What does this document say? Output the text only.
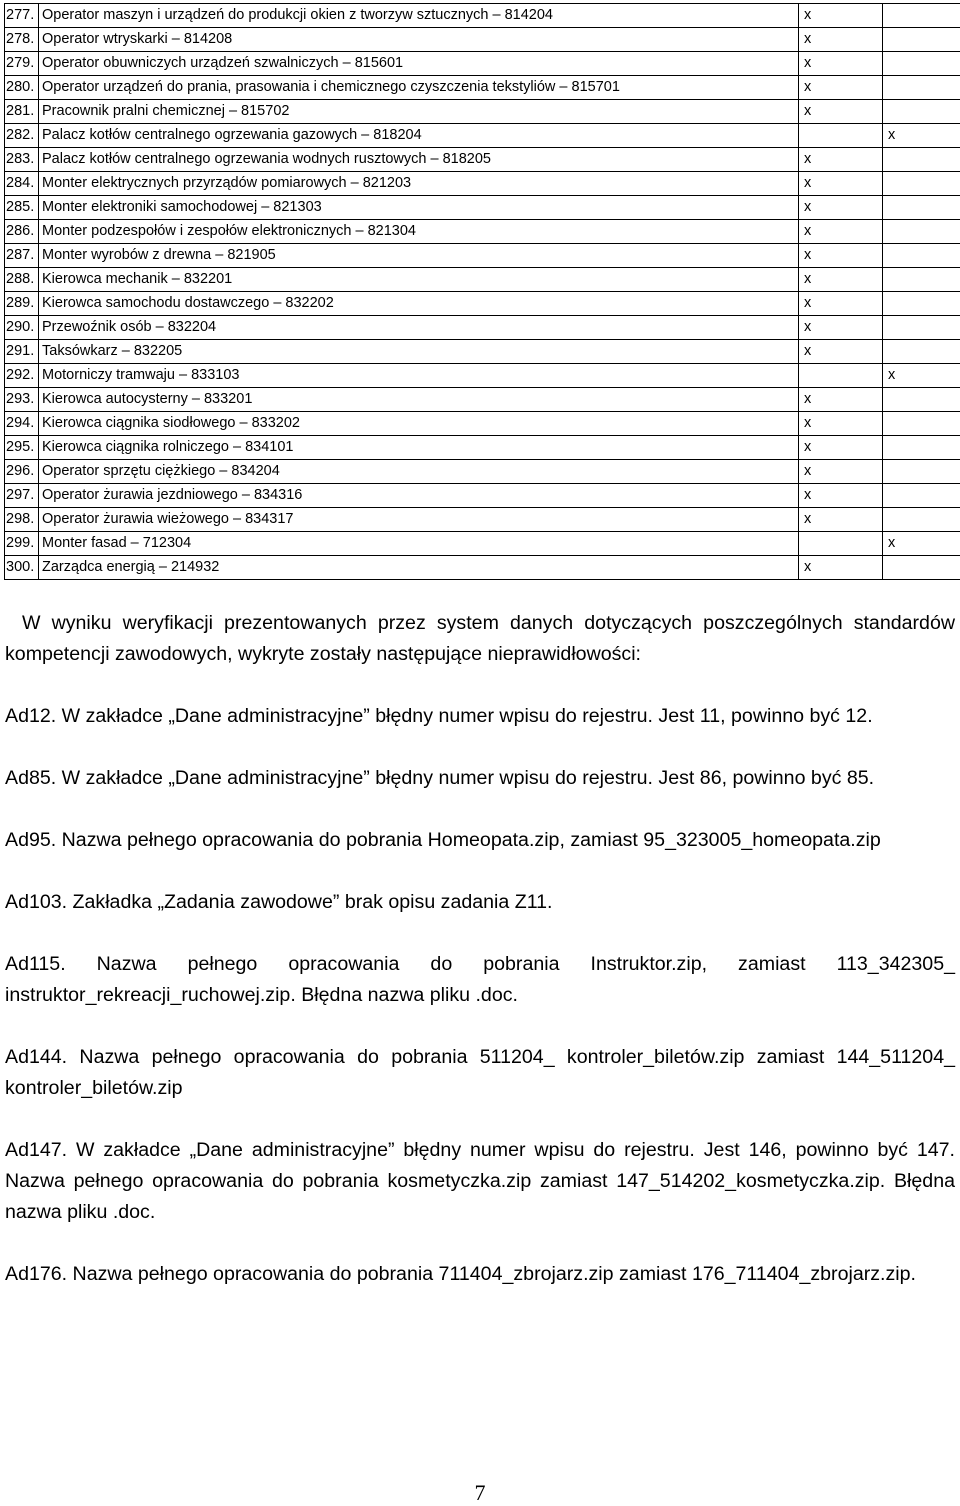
277.	Operator maszyn i urządzeń do produkcji okien z tworzyw sztucznych – 814204	x	
278.	Operator wtryskarki – 814208	x	
279.	Operator obuwniczych urządzeń szwalniczych – 815601	x	
280.	Operator urządzeń do prania, prasowania i chemicznego czyszczenia tekstyliów – 815701	x	
281.	Pracownik pralni chemicznej – 815702	x	
282.	Palacz kotłów centralnego ogrzewania gazowych – 818204		x
283.	Palacz kotłów centralnego ogrzewania wodnych rusztowych – 818205	x	
284.	Monter elektrycznych przyrządów pomiarowych – 821203	x	
285.	Monter elektroniki samochodowej – 821303	x	
286.	Monter podzespołów i zespołów elektronicznych – 821304	x	
287.	Monter wyrobów z drewna – 821905	x	
288.	Kierowca mechanik – 832201	x	
289.	Kierowca samochodu dostawczego – 832202	x	
290.	Przewoźnik osób – 832204	x	
291.	Taksówkarz – 832205	x	
292.	Motorniczy tramwaju – 833103		x
293.	Kierowca autocysterny – 833201	x	
294.	Kierowca ciągnika siodłowego – 833202	x	
295.	Kierowca ciągnika rolniczego – 834101	x	
296.	Operator sprzętu ciężkiego – 834204	x	
297.	Operator żurawia jezdniowego – 834316	x	
298.	Operator żurawia wieżowego – 834317	x	
299.	Monter fasad – 712304		x
300.	Zarządca energią – 214932	x	

W wyniku weryfikacji prezentowanych przez system danych dotyczących poszczególnych standardów kompetencji zawodowych, wykryte zostały następujące nieprawidłowości:

Ad12. W zakładce „Dane administracyjne” błędny numer wpisu do rejestru. Jest 11, powinno być 12.

Ad85. W zakładce „Dane administracyjne” błędny numer wpisu do rejestru. Jest 86, powinno być 85.

Ad95. Nazwa pełnego opracowania do pobrania Homeopata.zip, zamiast 95_323005_homeopata.zip

Ad103. Zakładka „Zadania zawodowe” brak opisu zadania Z11.

Ad115. Nazwa pełnego opracowania do pobrania Instruktor.zip, zamiast 113_342305_ instruktor_rekreacji_ruchowej.zip. Błędna nazwa pliku .doc.

Ad144. Nazwa pełnego opracowania do pobrania 511204_ kontroler_biletów.zip zamiast 144_511204_ kontroler_biletów.zip

Ad147. W zakładce „Dane administracyjne” błędny numer wpisu do rejestru. Jest 146, powinno być 147. Nazwa pełnego opracowania do pobrania kosmetyczka.zip zamiast 147_514202_kosmetyczka.zip. Błędna nazwa pliku .doc.

Ad176. Nazwa pełnego opracowania do pobrania 711404_zbrojarz.zip zamiast 176_711404_zbrojarz.zip.

7
